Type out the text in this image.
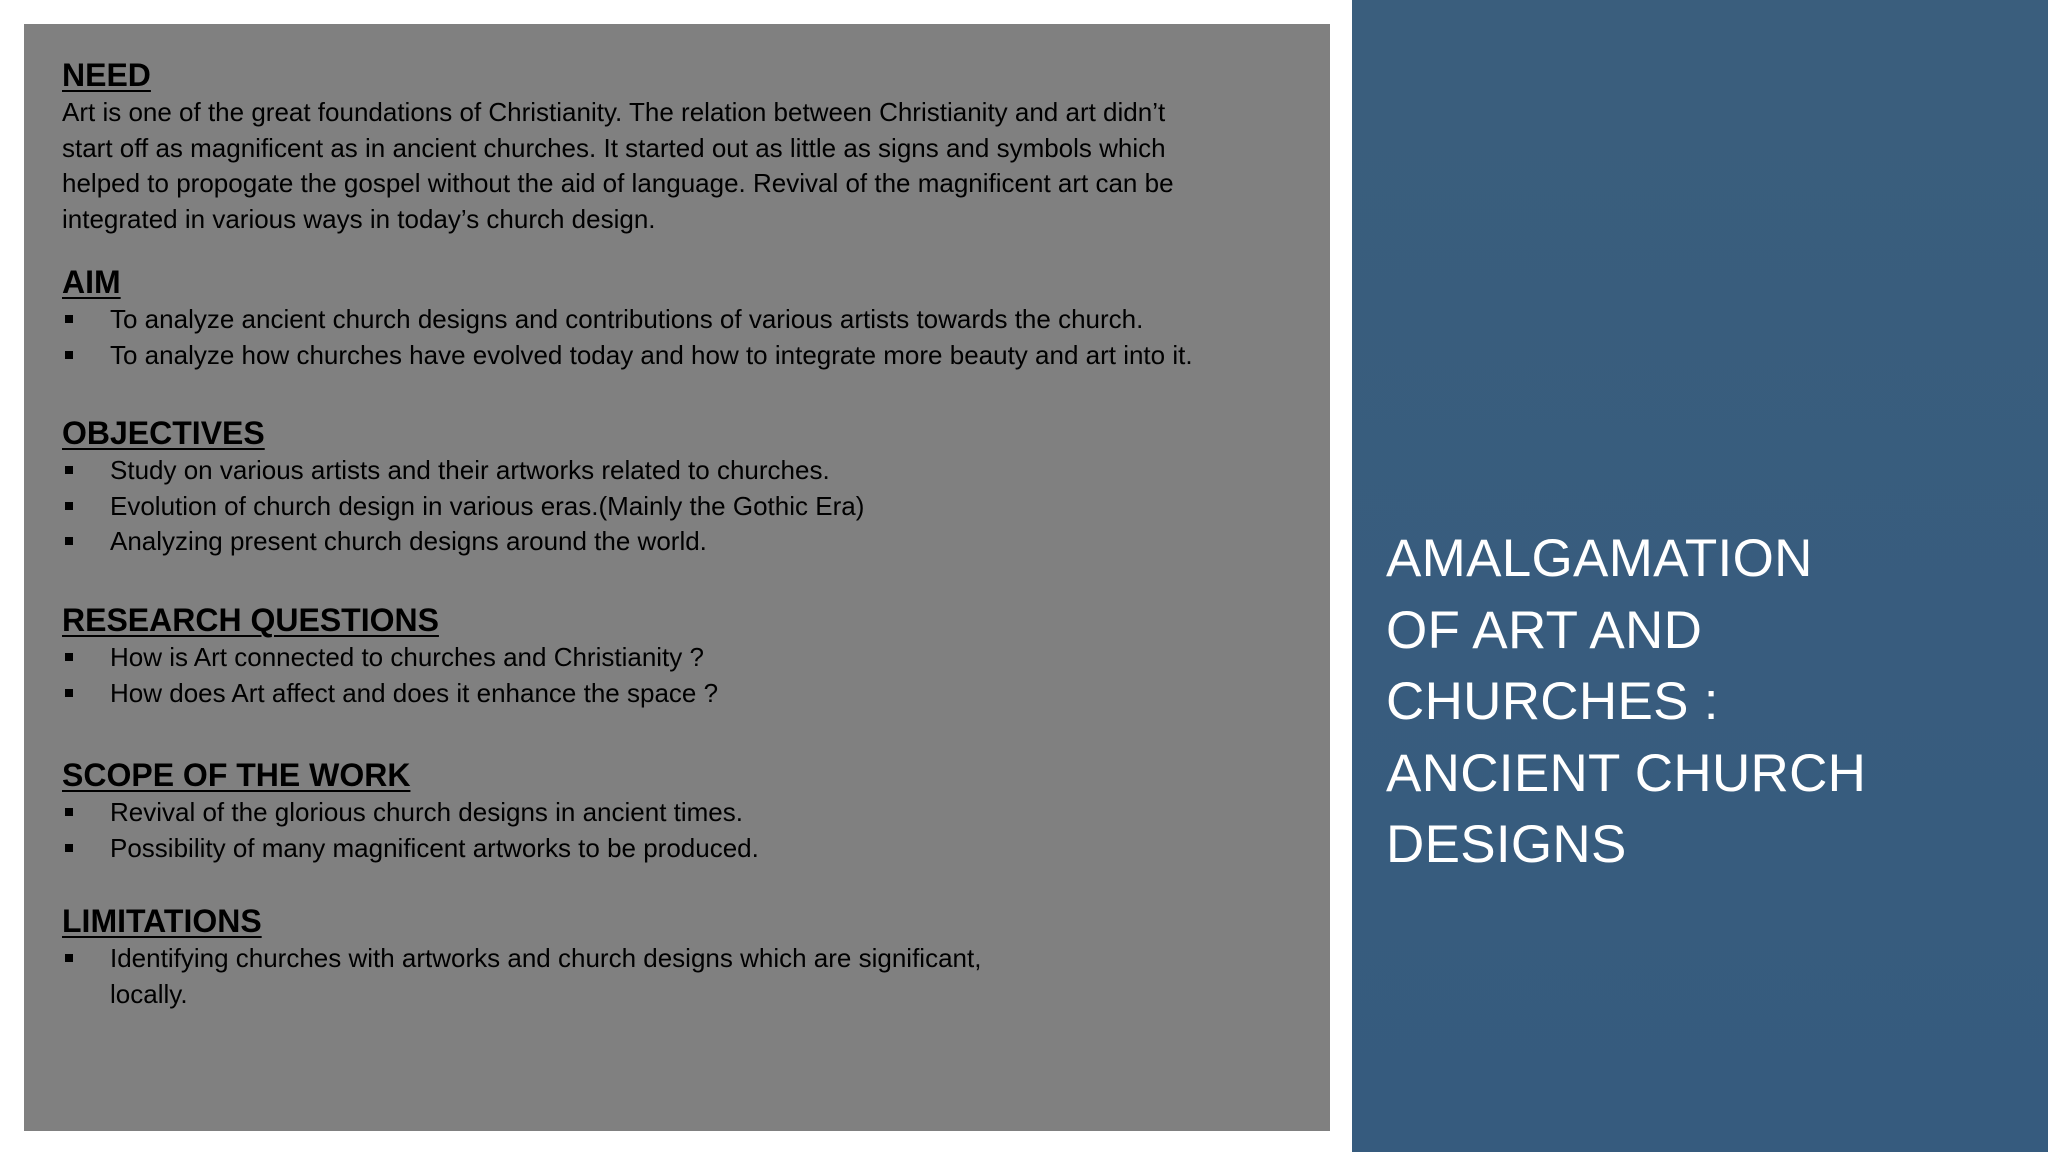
NEED

Art is one of the great foundations of Christianity. The relation between Christianity and art didn’t
start off as magnificent as in ancient churches. It started out as little as signs and symbols which
helped to propogate the gospel without the aid of language. Revival of the magnificent art can be
integrated in various ways in today’s church design.

AIM
To analyze ancient church designs and contributions of various artists towards the church.
To analyze how churches have evolved today and how to integrate more beauty and art into it.
OBJECTIVES
Study on various artists and their artworks related to churches.
Evolution of church design in various eras.(Mainly the Gothic Era)
Analyzing present church designs around the world.
RESEARCH QUESTIONS
How is Art connected to churches and Christianity ?
How does Art affect and does it enhance the space ?
SCOPE OF THE WORK
Revival of the glorious church designs in ancient times.
Possibility of many magnificent artworks to be produced.
LIMITATIONS
Identifying churches with artworks and church designs which are significant,
locally.
AMALGAMATION
OF ART AND
CHURCHES :
ANCIENT CHURCH
DESIGNS
